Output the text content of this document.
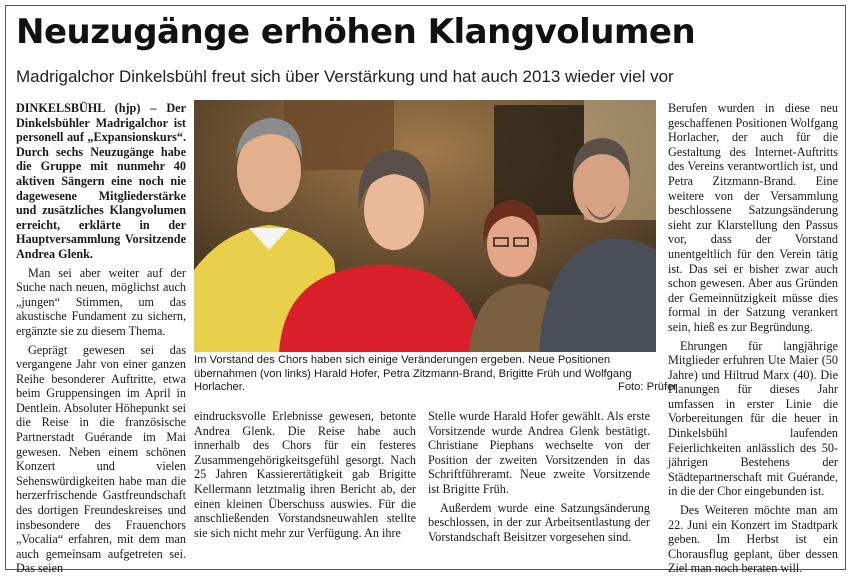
Neuzugänge erhöhen Klangvolumen
Madrigalchor Dinkelsbühl freut sich über Verstärkung und hat auch 2013 wieder viel vor

DINKELSBÜHL (hjp) – Der Dinkelsbühler Madrigalchor ist personell auf „Expansionskurs“. Durch sechs Neuzugänge habe die Gruppe mit nunmehr 40 aktiven Sängern eine noch nie dagewesene Mitgliederstärke und zusätzliches Klangvolumen erreicht, erklärte in der Hauptversammlung Vorsitzende Andrea Glenk.

Man sei aber weiter auf der Suche nach neuen, möglichst auch „jungen“ Stimmen, um das akustische Fundament zu sichern, ergänzte sie zu diesem Thema.

Geprägt gewesen sei das vergangene Jahr von einer ganzen Reihe besonderer Auftritte, etwa beim Gruppensingen im April in Dentlein. Absoluter Höhepunkt sei die Reise in die französische Partnerstadt Guérande im Mai gewesen. Neben einem schönen Konzert und vielen Sehenswürdigkeiten habe man die herzerfrischende Gastfreundschaft des dortigen Freundeskreises und insbesondere des Frauenchors „Vocalia“ erfahren, mit dem man auch gemeinsam aufgetreten sei. Das seien

Im Vorstand des Chors haben sich einige Veränderungen ergeben. Neue Positionen übernahmen (von links) Harald Hofer, Petra Zitzmann-Brand, Brigitte Früh und Wolfgang Horlacher.	Foto: Prüfer

eindrucksvolle Erlebnisse gewesen, betonte Andrea Glenk. Die Reise habe auch innerhalb des Chors für ein festeres Zusammengehörigkeitsgefühl gesorgt. Nach 25 Jahren Kassierertätigkeit gab Brigitte Kellermann letztmalig ihren Bericht ab, der einen kleinen Überschuss auswies. Für die anschließenden Vorstandsneuwahlen stellte sie sich nicht mehr zur Verfügung. An ihre

Stelle wurde Harald Hofer gewählt. Als erste Vorsitzende wurde Andrea Glenk bestätigt. Christiane Piephans wechselte von der Position der zweiten Vorsitzenden in das Schriftführeramt. Neue zweite Vorsitzende ist Brigitte Früh.

Außerdem wurde eine Satzungsänderung beschlossen, in der zur Arbeitsentlastung der Vorstandschaft Beisitzer vorgesehen sind.

Berufen wurden in diese neu geschaffenen Positionen Wolfgang Horlacher, der auch für die Gestaltung des Internet-Auftritts des Vereins verantwortlich ist, und Petra Zitzmann-Brand. Eine weitere von der Versammlung beschlossene Satzungsänderung sieht zur Klarstellung den Passus vor, dass der Vorstand unentgeltlich für den Verein tätig ist. Das sei er bisher zwar auch schon gewesen. Aber aus Gründen der Gemeinnützigkeit müsse dies formal in der Satzung verankert sein, hieß es zur Begründung.

Ehrungen für langjährige Mitglieder erfuhren Ute Maier (50 Jahre) und Hiltrud Marx (40). Die Planungen für dieses Jahr umfassen in erster Linie die Vorbereitungen für die heuer in Dinkelsbühl laufenden Feierlichkeiten anlässlich des 50-jährigen Bestehens der Städtepartnerschaft mit Guérande, in die der Chor eingebunden ist.

Des Weiteren möchte man am 22. Juni ein Konzert im Stadtpark geben. Im Herbst ist ein Chorausflug geplant, über dessen Ziel man noch beraten will.
